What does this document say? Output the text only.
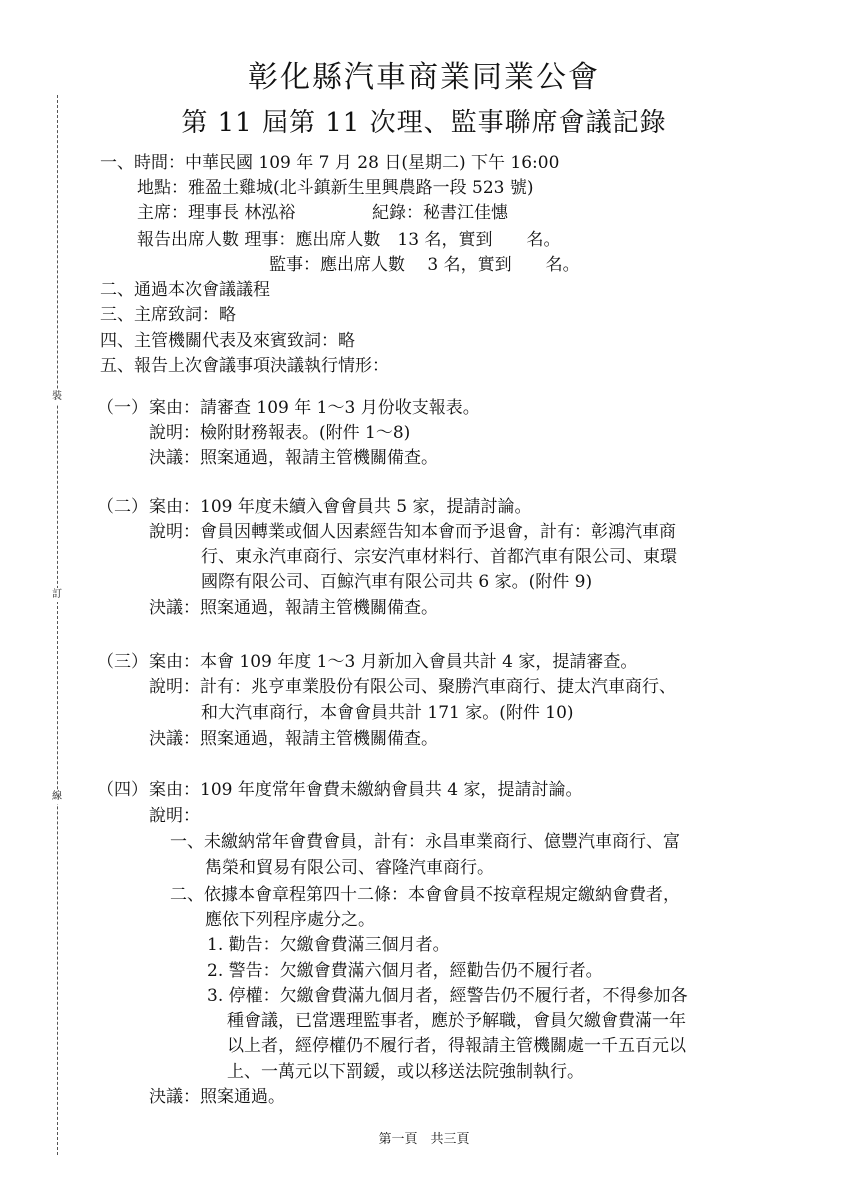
裝
訂
線
彰化縣汽車商業同業公會
第 11 屆第 11 次理、監事聯席會議記錄
一、時間：中華民國 109 年 7 月 28 日(星期二) 下午 16:00
地點：雅盈土雞城(北斗鎮新生里興農路一段 523 號)
主席：理事長 林泓裕	紀錄：秘書江佳憓
報告出席人數 理事：應出席人數　13 名，實到　　名。
監事：應出席人數　 3 名，實到　　名。
二、通過本次會議議程
三、主席致詞：略
四、主管機關代表及來賓致詞：略
五、報告上次會議事項決議執行情形：
（一） 案由：請審查 109 年 1～3 月份收支報表。
說明：檢附財務報表。(附件 1～8)
決議：照案通過，報請主管機關備查。
（二） 案由：109 年度未續入會會員共 5 家，提請討論。
說明：會員因轉業或個人因素經告知本會而予退會，計有：彰鴻汽車商
行、東永汽車商行、宗安汽車材料行、首都汽車有限公司、東環
國際有限公司、百鯨汽車有限公司共 6 家。(附件 9)
決議：照案通過，報請主管機關備查。
（三） 案由：本會 109 年度 1～3 月新加入會員共計 4 家，提請審查。
說明：計有：兆亨車業股份有限公司、聚勝汽車商行、捷太汽車商行、
和大汽車商行，本會會員共計 171 家。(附件 10)
決議：照案通過，報請主管機關備查。
（四） 案由：109 年度常年會費未繳納會員共 4 家，提請討論。
說明：
一、未繳納常年會費會員，計有：永昌車業商行、億豐汽車商行、富
雋榮和貿易有限公司、睿隆汽車商行。
二、依據本會章程第四十二條：本會會員不按章程規定繳納會費者，
應依下列程序處分之。
1. 勸告：欠繳會費滿三個月者。
2. 警告：欠繳會費滿六個月者，經勸告仍不履行者。
3. 停權：欠繳會費滿九個月者，經警告仍不履行者，不得參加各
種會議，已當選理監事者，應於予解職，會員欠繳會費滿一年
以上者，經停權仍不履行者，得報請主管機關處一千五百元以
上、一萬元以下罰鍰，或以移送法院強制執行。
決議：照案通過。
第一頁　共三頁
